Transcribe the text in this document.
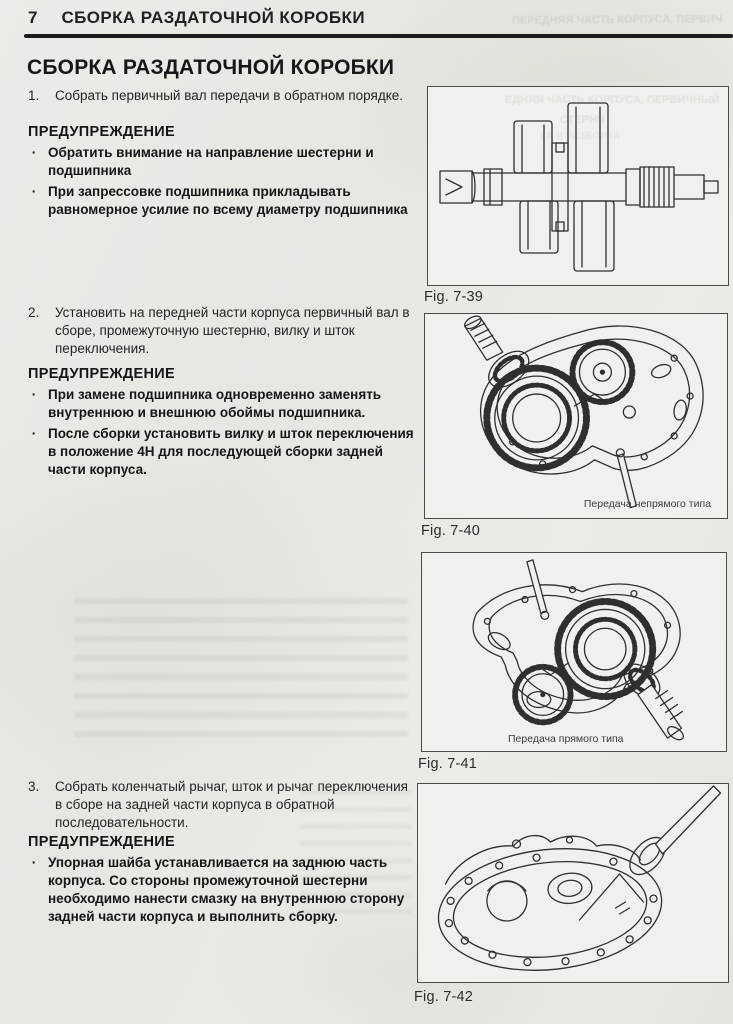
ПЕРЕДНЯЯ ЧАСТЬ КОРПУСА, ПЕРВИЧ
7 СБОРКА РАЗДАТОЧНОЙ КОРОБКИ
СБОРКА РАЗДАТОЧНОЙ КОРОБКИ
1.	Собрать первичный вал передачи в обратном порядке.
ПРЕДУПРЕЖДЕНИЕ
· Обратить внимание на направление шестерни и подшипника
· При запрессовке подшипника прикладывать равномерное усилие по всему диаметру подшипника
2.	Установить на передней части корпуса первичный вал в сборе, промежуточную шестерню, вилку и шток переключения.
ПРЕДУПРЕЖДЕНИЕ
· При замене подшипника одновременно заменять внутреннюю и внешнюю обоймы подшипника.
· После сборки установить вилку и шток переключения в положение 4H для последующей сборки задней части корпуса.
3.	Собрать коленчатый рычаг, шток и рычаг переключения в сборе на задней части корпуса в обратной последовательности.
ПРЕДУПРЕЖДЕНИЕ
· Упорная шайба устанавливается на заднюю часть корпуса. Со стороны промежуточной шестерни необходимо нанести смазку на внутреннюю сторону задней части корпуса и выполнить сборку.
Fig. 7-39
Передача непрямого типа
Fig. 7-40
Передача прямого типа
Fig. 7-41
Fig. 7-42
